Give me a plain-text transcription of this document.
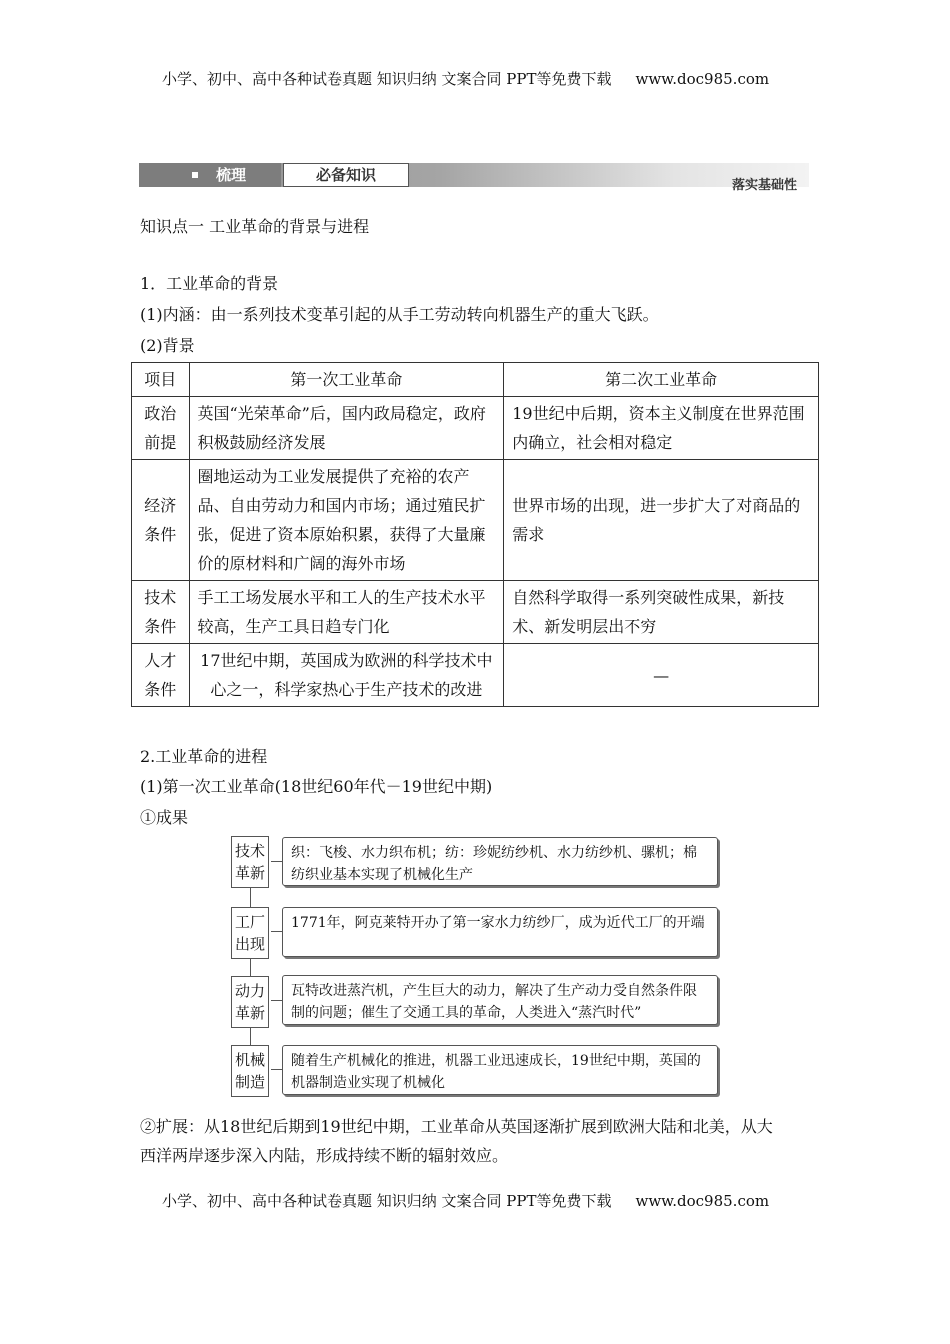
小学、初中、高中各种试卷真题 知识归纳 文案合同 PPT等免费下载 www.doc985.com
梳理	必备知识
落实基础性
知识点一 工业革命的背景与进程
1．工业革命的背景
(1)内涵：由一系列技术变革引起的从手工劳动转向机器生产的重大飞跃。
(2)背景
项目	第一次工业革命	第二次工业革命
政治
前提	英国“光荣革命”后，国内政局稳定，政府积极鼓励经济发展	19世纪中后期，资本主义制度在世界范围内确立，社会相对稳定
经济
条件	圈地运动为工业发展提供了充裕的农产品、自由劳动力和国内市场；通过殖民扩张，促进了资本原始积累，获得了大量廉价的原材料和广阔的海外市场	世界市场的出现，进一步扩大了对商品的需求
技术
条件	手工工场发展水平和工人的生产技术水平较高，生产工具日趋专门化	自然科学取得一系列突破性成果，新技术、新发明层出不穷
人才
条件	17世纪中期，英国成为欧洲的科学技术中心之一，科学家热心于生产技术的改进	—
2.工业革命的进程
(1)第一次工业革命(18世纪60年代－19世纪中期)
①成果
技术
革新
织：飞梭、水力织布机；纺：珍妮纺纱机、水力纺纱机、骡机；棉纺织业基本实现了机械化生产
工厂
出现
1771年，阿克莱特开办了第一家水力纺纱厂，成为近代工厂的开端
动力
革新
瓦特改进蒸汽机，产生巨大的动力，解决了生产动力受自然条件限制的问题；催生了交通工具的革命，人类进入“蒸汽时代”
机械
制造
随着生产机械化的推进，机器工业迅速成长，19世纪中期，英国的机器制造业实现了机械化
②扩展：从18世纪后期到19世纪中期，工业革命从英国逐渐扩展到欧洲大陆和北美，从大
西洋两岸逐步深入内陆，形成持续不断的辐射效应。
小学、初中、高中各种试卷真题 知识归纳 文案合同 PPT等免费下载 www.doc985.com
